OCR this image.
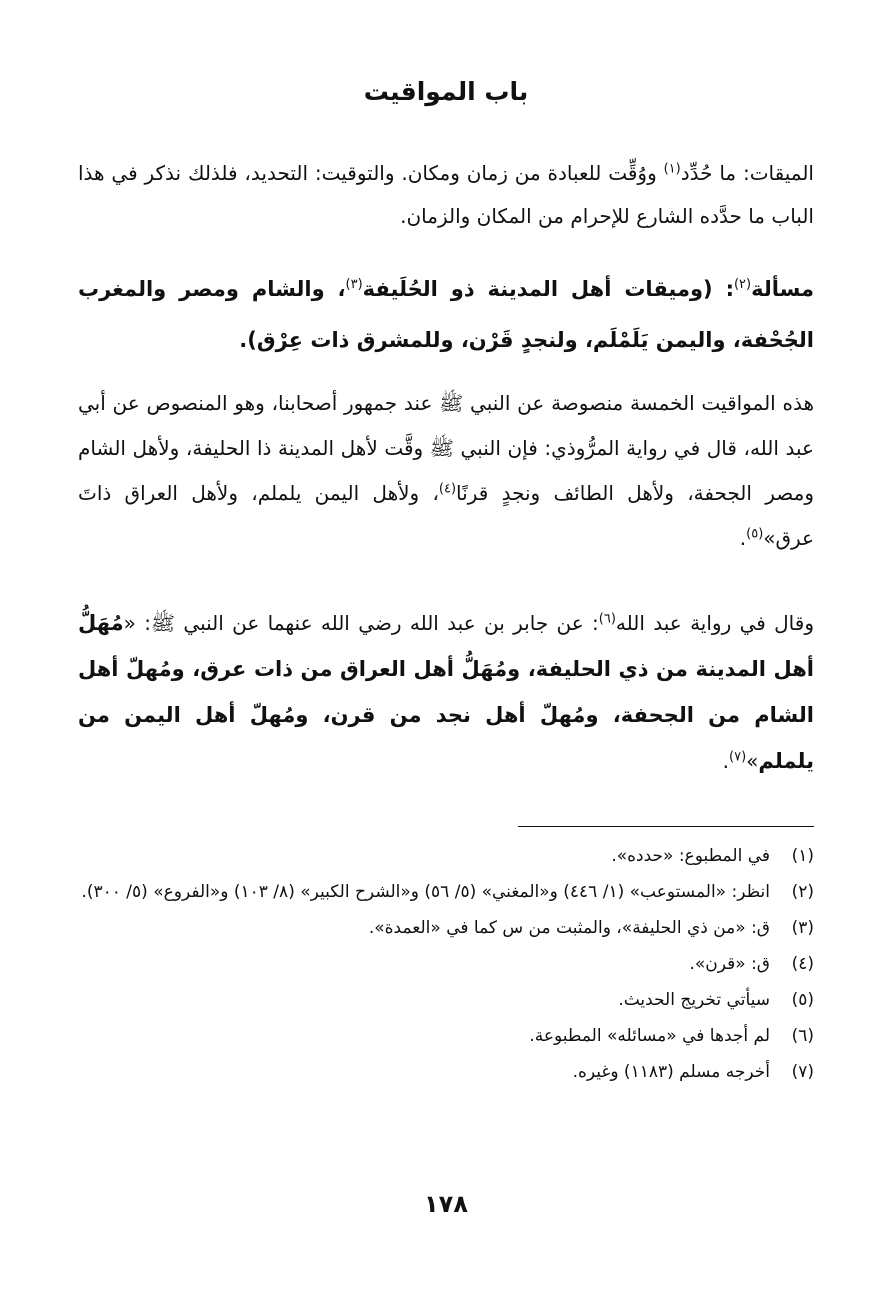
باب المواقيت
الميقات: ما حُدِّد$^{(١)}$ ووُقِّت للعبادة من زمان ومكان. والتوقيت: التحديد، فلذلك نذكر في هذا الباب ما حدَّده الشارع للإحرام من المكان والزمان.
مسألة$^{(٢)}$: (وميقات أهل المدينة ذو الحُلَيفة$^{(٣)}$، والشام ومصر والمغرب الجُحْفة، واليمن يَلَمْلَم، ولنجدٍ قَرْن، وللمشرق ذات عِرْق).
هذه المواقيت الخمسة منصوصة عن النبي ﷺ عند جمهور أصحابنا، وهو المنصوص عن أبي عبد الله، قال في رواية المرُّوذي: فإن النبي ﷺ وقَّت لأهل المدينة ذا الحليفة، ولأهل الشام ومصر الجحفة، ولأهل الطائف ونجدٍ قرنًا$^{(٤)}$، ولأهل اليمن يلملم، ولأهل العراق ذاتَ عرق»$^{(٥)}$.
وقال في رواية عبد الله$^{(٦)}$: عن جابر بن عبد الله رضي الله عنهما عن النبي ﷺ: «مُهَلُّ أهل المدينة من ذي الحليفة، ومُهَلُّ أهل العراق من ذات عرق، ومُهلّ أهل الشام من الجحفة، ومُهلّ أهل نجد من قرن، ومُهلّ أهل اليمن من يلملم»$^{(٧)}$.
(١)
في المطبوع: «حدده».
(٢)
انظر: «المستوعب» (١/ ٤٤٦) و«المغني» (٥/ ٥٦) و«الشرح الكبير» (٨/ ١٠٣) و«الفروع» (٥/ ٣٠٠).
(٣)
ق: «من ذي الحليفة»، والمثبت من س كما في «العمدة».
(٤)
ق: «قرن».
(٥)
سيأتي تخريج الحديث.
(٦)
لم أجدها في «مسائله» المطبوعة.
(٧)
أخرجه مسلم (١١٨٣) وغيره.
١٧٨
